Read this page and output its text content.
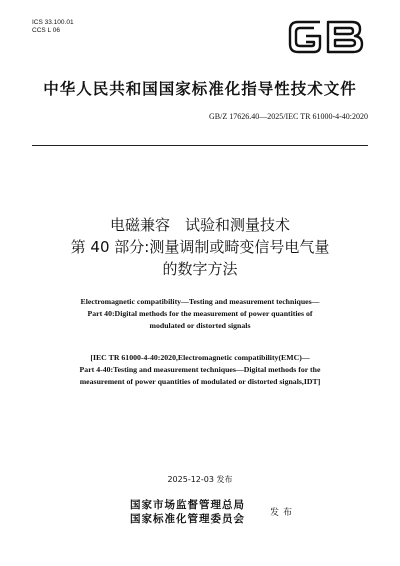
ICS 33.100.01
CCS L 06
中华人民共和国国家标准化指导性技术文件
GB/Z 17626.40—2025/IEC TR 61000-4-40:2020
电磁兼容　试验和测量技术
第 40 部分:测量调制或畸变信号电气量
的数字方法
Electromagnetic compatibility—Testing and measurement techniques—
Part 40:Digital methods for the measurement of power quantities of
modulated or distorted signals
[IEC TR 61000-4-40:2020,Electromagnetic compatibility(EMC)—
Part 4-40:Testing and measurement techniques—Digital methods for the
measurement of power quantities of modulated or distorted signals,IDT]
2025-12-03 发布
国家市场监督管理总局
国家标准化管理委员会	发布
